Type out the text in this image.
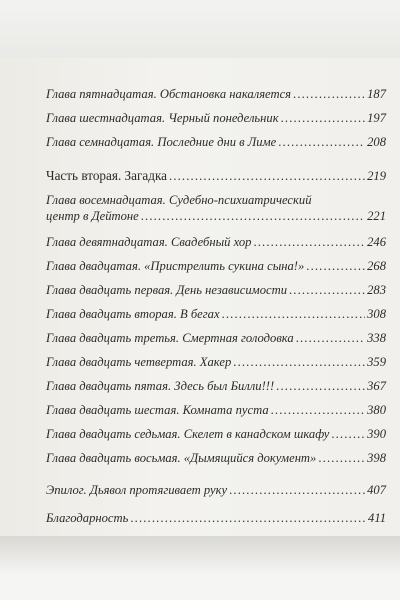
Глава пятнадцатая. Обстановка накаляется . . .	187
Глава шестнадцатая. Черный понедельник . . .	197
Глава семнадцатая. Последние дни в Лиме . . .	208
Часть вторая. Загадка . . .	219
Глава восемнадцатая. Судебно-психиатрический
центр в Дейтоне . . .	221
Глава девятнадцатая. Свадебный хор . . .	246
Глава двадцатая. «Пристрелить сукина сына!» . . .	268
Глава двадцать первая. День независимости . . .	283
Глава двадцать вторая. В бегах . . .	308
Глава двадцать третья. Смертная голодовка . . .	338
Глава двадцать четвертая. Хакер . . .	359
Глава двадцать пятая. Здесь был Билли!!! . . .	367
Глава двадцать шестая. Комната пуста . . .	380
Глава двадцать седьмая. Скелет в канадском шкафу . . .	390
Глава двадцать восьмая. «Дымящийся документ» . . .	398
Эпилог. Дьявол протягивает руку . . .	407
Благодарность . . .	411
